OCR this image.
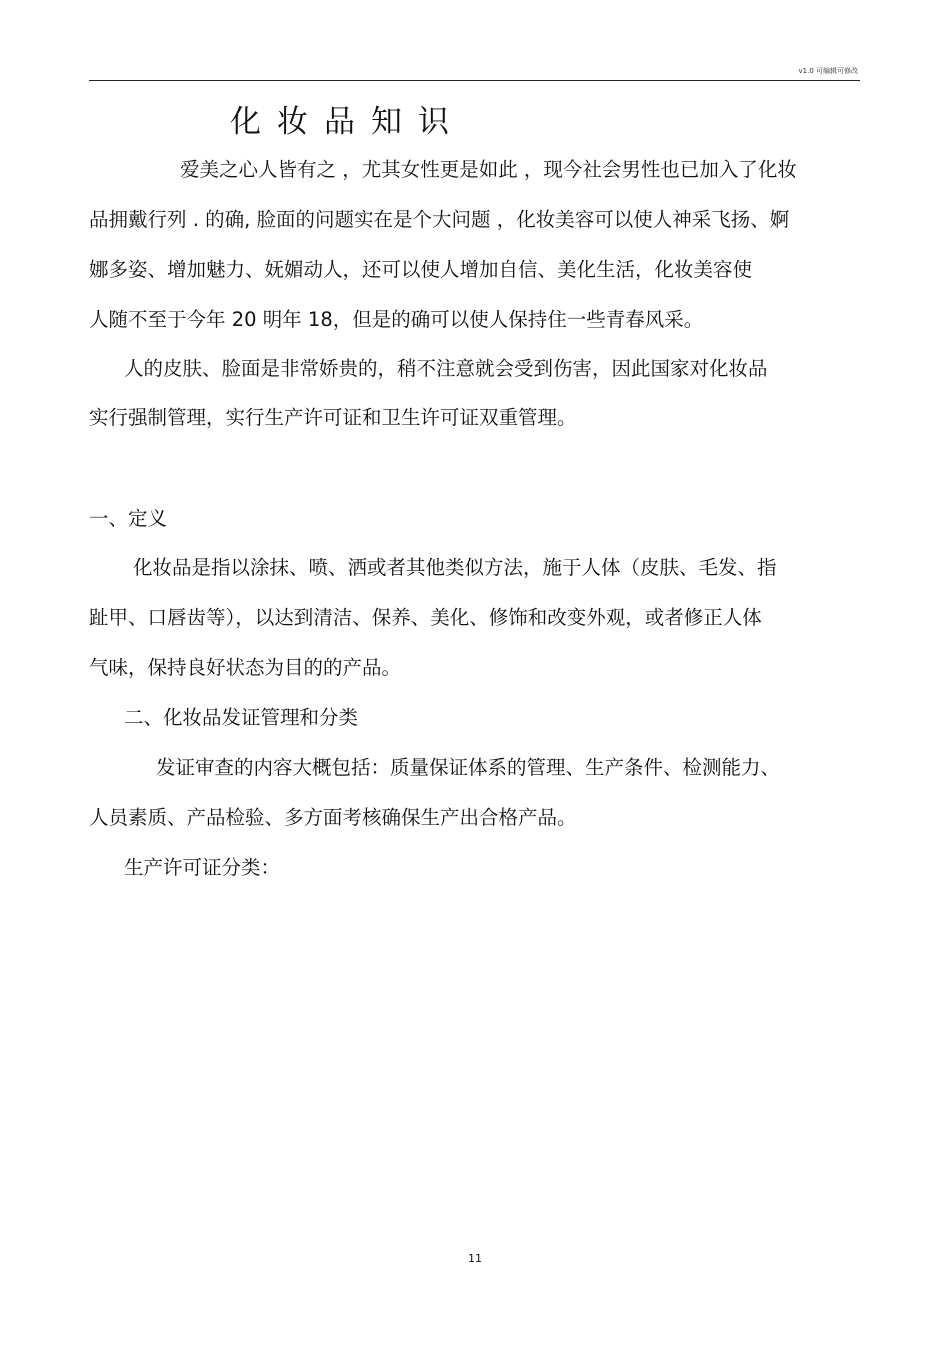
v1.0 可编辑可修改
化妆品知识
爱美之心人皆有之 ，尤其女性更是如此 ，现今社会男性也已加入了化妆
品拥戴行列 . 的确, 脸面的问题实在是个大问题 ，化妆美容可以使人神采飞扬、婀
娜多姿、增加魅力、妩媚动人，还可以使人增加自信、美化生活，化妆美容使
人随不至于今年 20 明年 18，但是的确可以使人保持住一些青春风采。
人的皮肤、脸面是非常娇贵的，稍不注意就会受到伤害，因此国家对化妆品
实行强制管理，实行生产许可证和卫生许可证双重管理。
一、定义
化妆品是指以涂抹、喷、洒或者其他类似方法，施于人体（皮肤、毛发、指
趾甲、口唇齿等），以达到清洁、保养、美化、修饰和改变外观，或者修正人体
气味，保持良好状态为目的的产品。
二、化妆品发证管理和分类
发证审查的内容大概包括：质量保证体系的管理、生产条件、检测能力、
人员素质、产品检验、多方面考核确保生产出合格产品。
生产许可证分类：
11
